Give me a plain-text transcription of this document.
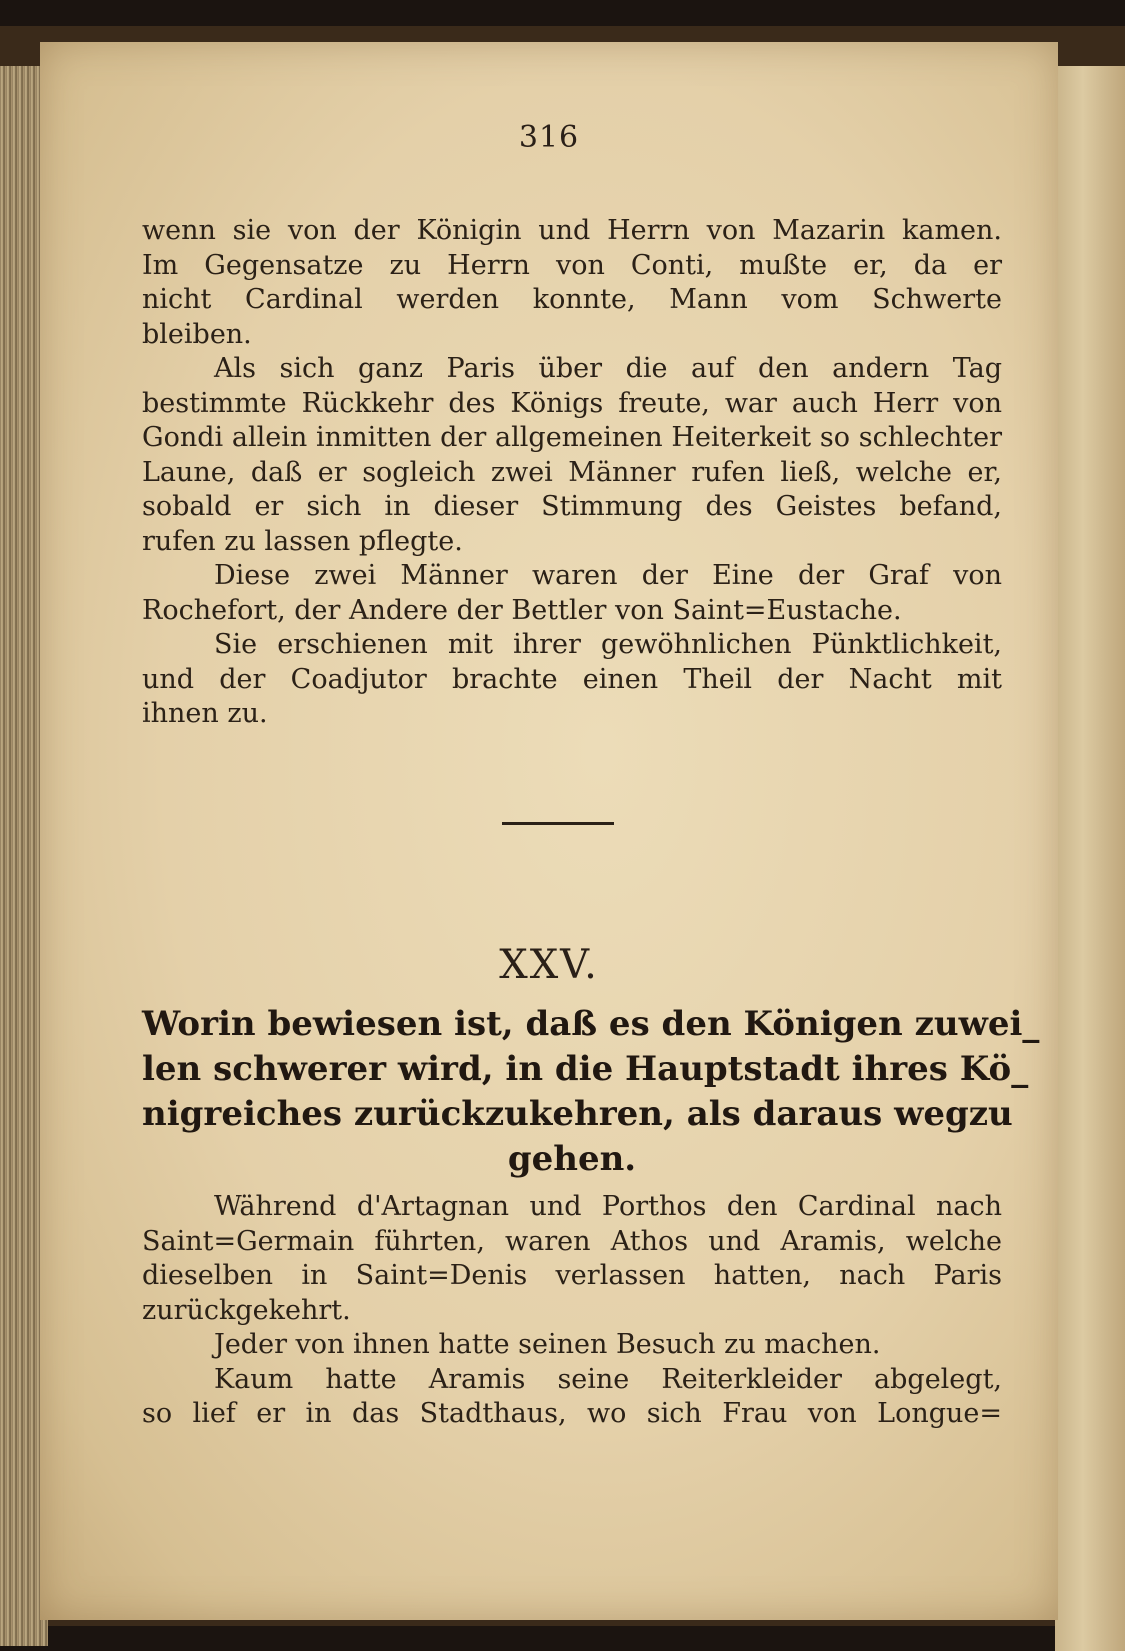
316
wenn sie von der Königin und Herrn von Mazarin kamen.
Im Gegensatze zu Herrn von Conti, mußte er, da er
nicht Cardinal werden konnte, Mann vom Schwerte
bleiben.
Als sich ganz Paris über die auf den andern Tag
bestimmte Rückkehr des Königs freute, war auch Herr von
Gondi allein inmitten der allgemeinen Heiterkeit so schlechter
Laune, daß er sogleich zwei Männer rufen ließ, welche er,
sobald er sich in dieser Stimmung des Geistes befand,
rufen zu lassen pflegte.
Diese zwei Männer waren der Eine der Graf von
Rochefort, der Andere der Bettler von Saint=Eustache.
Sie erschienen mit ihrer gewöhnlichen Pünktlichkeit,
und der Coadjutor brachte einen Theil der Nacht mit
ihnen zu.
XXV.
Worin bewiesen ist, daß es den Königen zuwei_
len schwerer wird, in die Hauptstadt ihres Kö_
nigreiches zurückzukehren, als daraus wegzu
gehen.
Während d'Artagnan und Porthos den Cardinal nach
Saint=Germain führten, waren Athos und Aramis, welche
dieselben in Saint=Denis verlassen hatten, nach Paris
zurückgekehrt.
Jeder von ihnen hatte seinen Besuch zu machen.
Kaum hatte Aramis seine Reiterkleider abgelegt,
so lief er in das Stadthaus, wo sich Frau von Longue=
